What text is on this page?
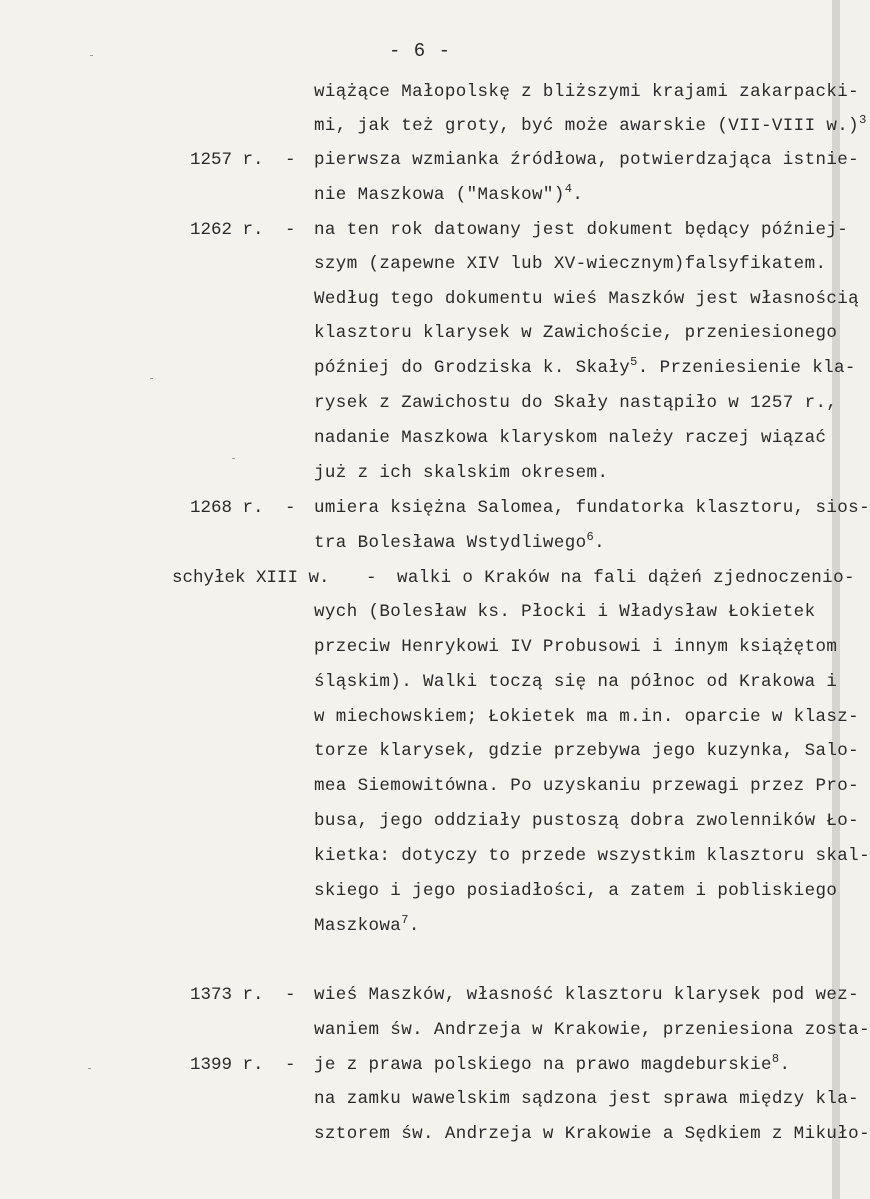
- 6 -
1257 r. -
1262 r. -
1268 r. -
schyłek XIII w. -
1373 r. -
1399 r. -
wiążące Małopolskę z bliższymi krajami zakarpacki-
mi, jak też groty, być może awarskie (VII-VIII w.)$^3$
pierwsza wzmianka źródłowa, potwierdzająca istnie-
nie Maszkowa ("Maskow")$^4$.
na ten rok datowany jest dokument będący później-
szym (zapewne XIV lub XV-wiecznym)falsyfikatem.
Według tego dokumentu wieś Maszków jest własnością
klasztoru klarysek w Zawichoście, przeniesionego
później do Grodziska k. Skały$^5$. Przeniesienie kla-
rysek z Zawichostu do Skały nastąpiło w 1257 r.,
nadanie Maszkowa klaryskom należy raczej wiązać
już z ich skalskim okresem.
umiera księżna Salomea, fundatorka klasztoru, sios-
tra Bolesława Wstydliwego$^6$.
walki o Kraków na fali dążeń zjednoczenio-
wych (Bolesław ks. Płocki i Władysław Łokietek
przeciw Henrykowi IV Probusowi i innym książętom
śląskim). Walki toczą się na północ od Krakowa i
w miechowskiem; Łokietek ma m.in. oparcie w klasz-
torze klarysek, gdzie przebywa jego kuzynka, Salo-
mea Siemowitówna. Po uzyskaniu przewagi przez Pro-
busa, jego oddziały pustoszą dobra zwolenników Ło-
kietka: dotyczy to przede wszystkim klasztoru skal-
skiego i jego posiadłości, a zatem i pobliskiego
Maszkowa$^7$.
wieś Maszków, własność klasztoru klarysek pod wez-
waniem św. Andrzeja w Krakowie, przeniesiona zosta-
je z prawa polskiego na prawo magdeburskie$^8$.
na zamku wawelskim sądzona jest sprawa między kla-
sztorem św. Andrzeja w Krakowie a Sędkiem z Mikuło-
